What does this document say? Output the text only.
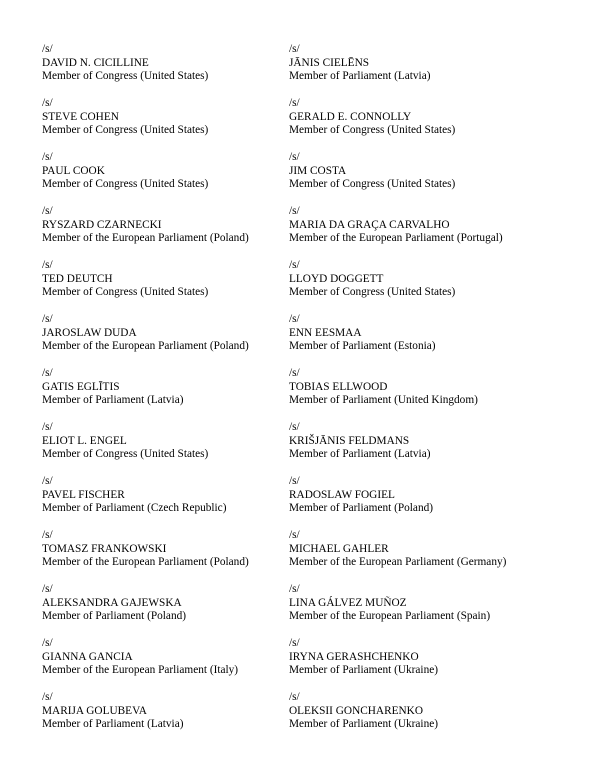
/s/
DAVID N. CICILLINE
Member of Congress (United States)
/s/
STEVE COHEN
Member of Congress (United States)
/s/
PAUL COOK
Member of Congress (United States)
/s/
RYSZARD CZARNECKI
Member of the European Parliament (Poland)
/s/
TED DEUTCH
Member of Congress (United States)
/s/
JAROSLAW DUDA
Member of the European Parliament (Poland)
/s/
GATIS EGLĪTIS
Member of Parliament (Latvia)
/s/
ELIOT L. ENGEL
Member of Congress (United States)
/s/
PAVEL FISCHER
Member of Parliament (Czech Republic)
/s/
TOMASZ FRANKOWSKI
Member of the European Parliament (Poland)
/s/
ALEKSANDRA GAJEWSKA
Member of Parliament (Poland)
/s/
GIANNA GANCIA
Member of the European Parliament (Italy)
/s/
MARIJA GOLUBEVA
Member of Parliament (Latvia)
/s/
JĀNIS CIELĒNS
Member of Parliament (Latvia)
/s/
GERALD E. CONNOLLY
Member of Congress (United States)
/s/
JIM COSTA
Member of Congress (United States)
/s/
MARIA DA GRAÇA CARVALHO
Member of the European Parliament (Portugal)
/s/
LLOYD DOGGETT
Member of Congress (United States)
/s/
ENN EESMAA
Member of Parliament (Estonia)
/s/
TOBIAS ELLWOOD
Member of Parliament (United Kingdom)
/s/
KRIŠJĀNIS FELDMANS
Member of Parliament (Latvia)
/s/
RADOSLAW FOGIEL
Member of Parliament (Poland)
/s/
MICHAEL GAHLER
Member of the European Parliament (Germany)
/s/
LINA GÁLVEZ MUÑOZ
Member of the European Parliament (Spain)
/s/
IRYNA GERASHCHENKO
Member of Parliament (Ukraine)
/s/
OLEKSII GONCHARENKO
Member of Parliament (Ukraine)
